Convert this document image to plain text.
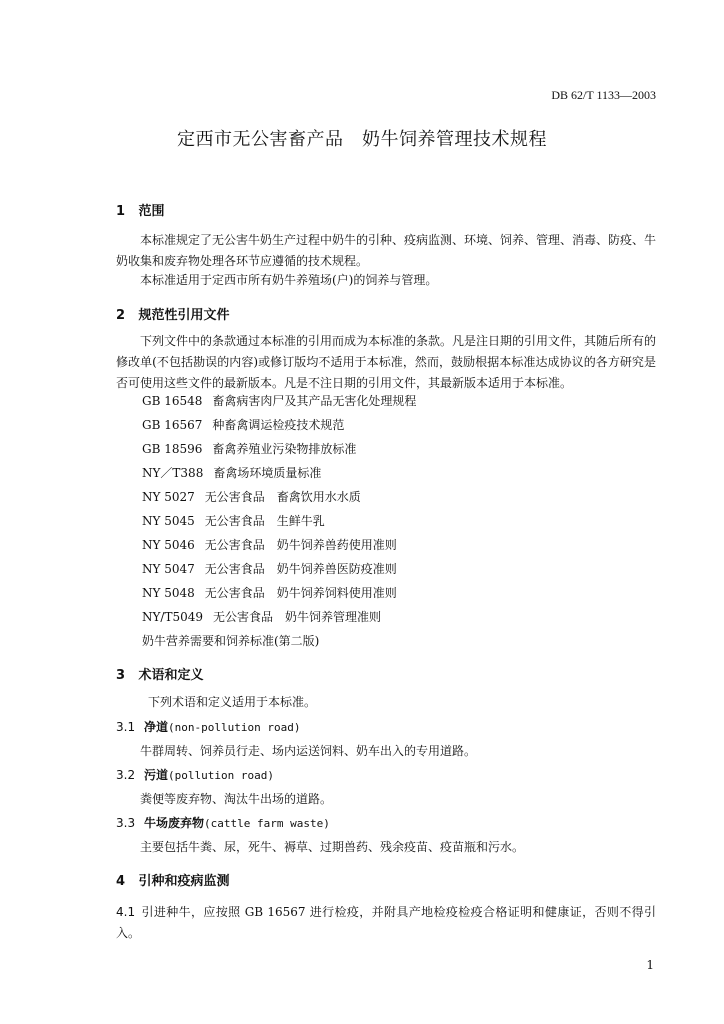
DB 62/T 1133—2003
定西市无公害畜产品　奶牛饲养管理技术规程
1 范围
本标准规定了无公害牛奶生产过程中奶牛的引种、疫病监测、环境、饲养、管理、消毒、防疫、牛奶收集和废弃物处理各环节应遵循的技术规程。
本标准适用于定西市所有奶牛养殖场(户)的饲养与管理。
2 规范性引用文件
下列文件中的条款通过本标准的引用而成为本标准的条款。凡是注日期的引用文件，其随后所有的修改单(不包括勘误的内容)或修订版均不适用于本标准，然而，鼓励根据本标准达成协议的各方研究是否可使用这些文件的最新版本。凡是不注日期的引用文件，其最新版本适用于本标准。
GB 16548 畜禽病害肉尸及其产品无害化处理规程
GB 16567 种畜禽调运检疫技术规范
GB 18596 畜禽养殖业污染物排放标准
NY／T388 畜禽场环境质量标准
NY 5027 无公害食品　畜禽饮用水水质
NY 5045 无公害食品　生鲜牛乳
NY 5046 无公害食品　奶牛饲养兽药使用准则
NY 5047 无公害食品　奶牛饲养兽医防疫准则
NY 5048 无公害食品　奶牛饲养饲料使用准则
NY/T5049 无公害食品　奶牛饲养管理准则
奶牛营养需要和饲养标准(第二版)
3 术语和定义
下列术语和定义适用于本标准。
3.1 净道(non-pollution road)
牛群周转、饲养员行走、场内运送饲料、奶车出入的专用道路。
3.2 污道(pollution road)
粪便等废弃物、淘汰牛出场的道路。
3.3 牛场废弃物(cattle farm waste)
主要包括牛粪、尿，死牛、褥草、过期兽药、残余疫苗、疫苗瓶和污水。
4 引种和疫病监测
4.1 引进种牛，应按照 GB 16567 进行检疫，并附具产地检疫检疫合格证明和健康证，否则不得引入。
1
